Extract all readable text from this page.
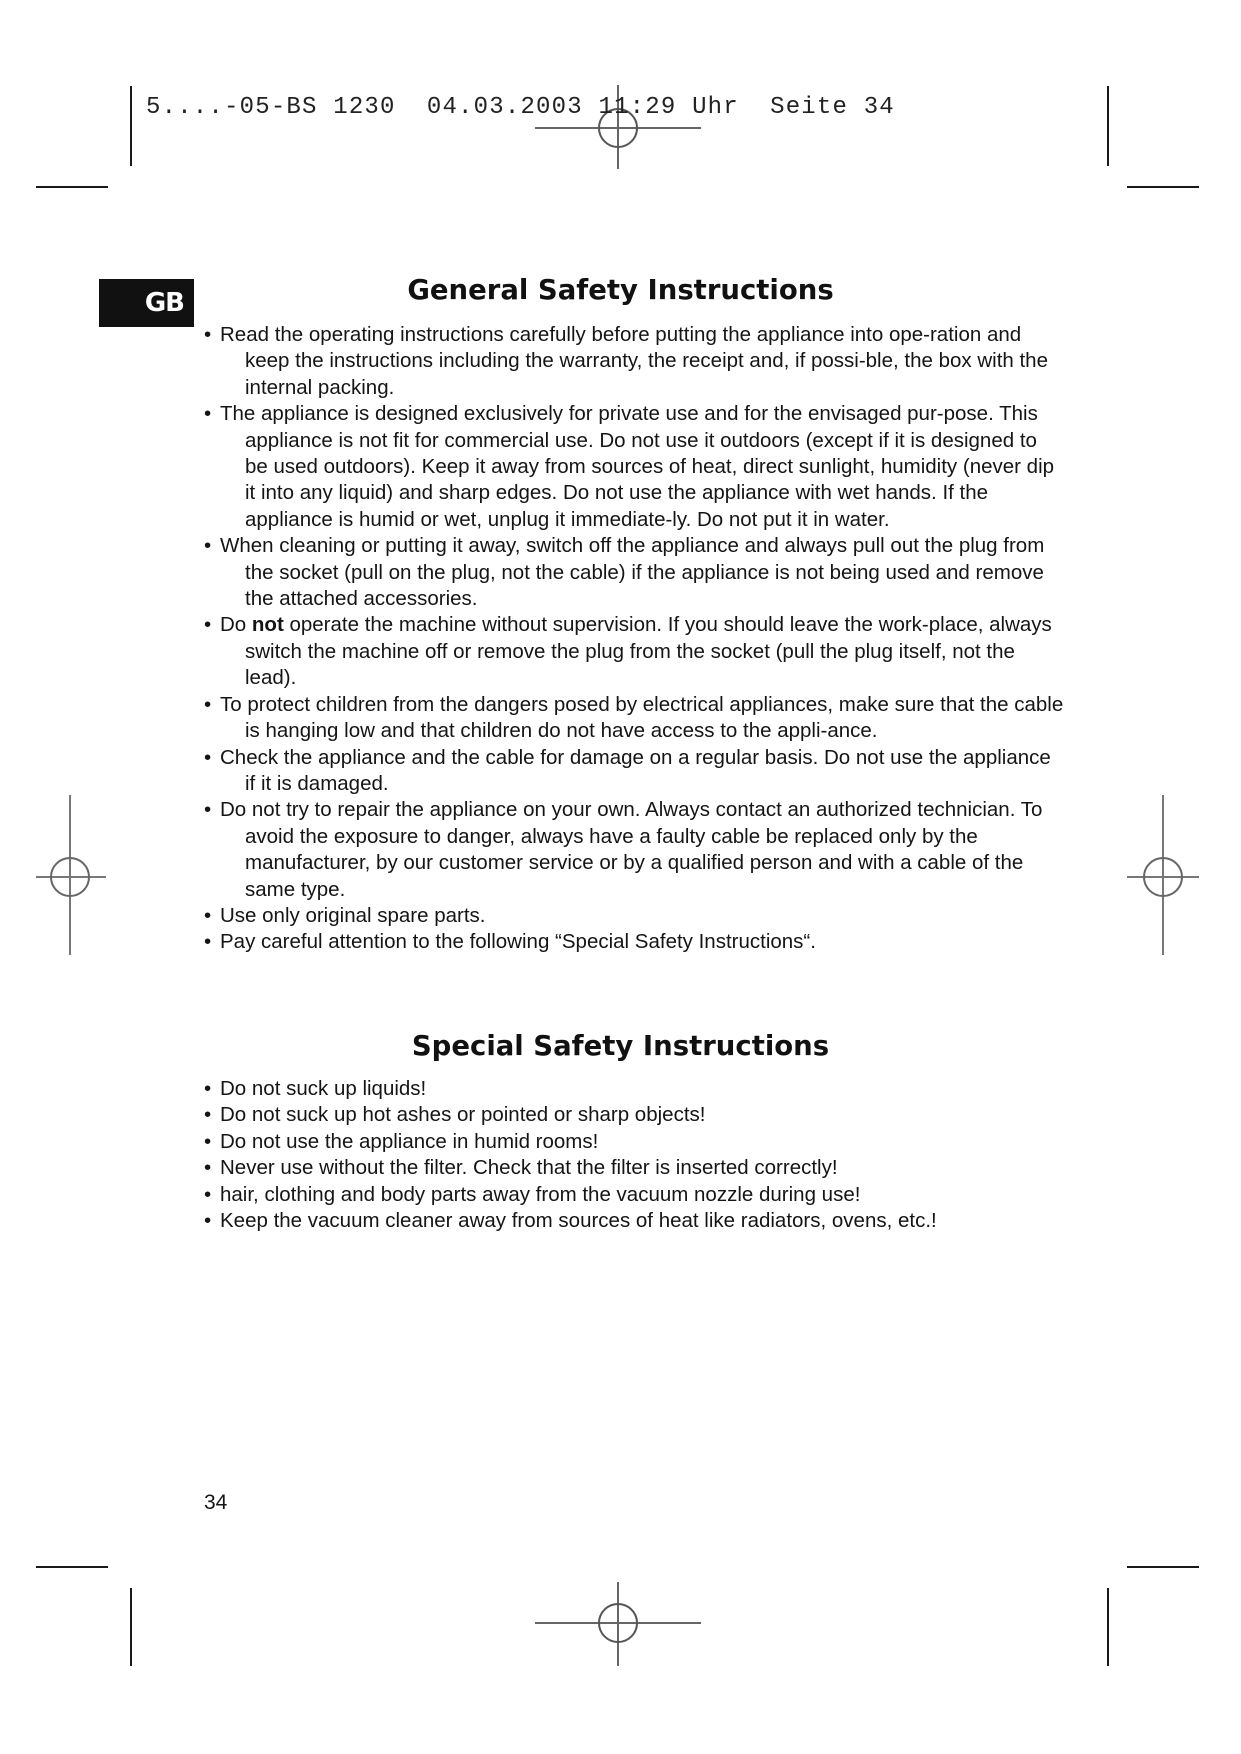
5....-05-BS 1230  04.03.2003 11:29 Uhr  Seite 34
GB	General Safety Instructions
• Read the operating instructions carefully before putting the appliance into ope-ration and keep the instructions including the warranty, the receipt and, if possi-ble, the box with the internal packing.
• The appliance is designed exclusively for private use and for the envisaged pur-pose. This appliance is not fit for commercial use. Do not use it outdoors (except if it is designed to be used outdoors). Keep it away from sources of heat, direct sunlight, humidity (never dip it into any liquid) and sharp edges. Do not use the appliance with wet hands. If the appliance is humid or wet, unplug it immediate-ly. Do not put it in water.
• When cleaning or putting it away, switch off the appliance and always pull out the plug from the socket (pull on the plug, not the cable) if the appliance is not being used and remove the attached accessories.
• Do not operate the machine without supervision. If you should leave the work-place, always switch the machine off or remove the plug from the socket (pull the plug itself, not the lead).
• To protect children from the dangers posed by electrical appliances, make sure that the cable is hanging low and that children do not have access to the appli-ance.
• Check the appliance and the cable for damage on a regular basis. Do not use the appliance if it is damaged.
• Do not try to repair the appliance on your own. Always contact an authorized technician. To avoid the exposure to danger, always have a faulty cable be replaced only by the manufacturer, by our customer service or by a qualified person and with a cable of the same type.
• Use only original spare parts.
• Pay careful attention to the following “Special Safety Instructions“.
Special Safety Instructions
• Do not suck up liquids!
• Do not suck up hot ashes or pointed or sharp objects!
• Do not use the appliance in humid rooms!
• Never use without the filter. Check that the filter is inserted correctly!
• hair, clothing and body parts away from the vacuum nozzle during use!
• Keep the vacuum cleaner away from sources of heat like radiators, ovens, etc.!
34
